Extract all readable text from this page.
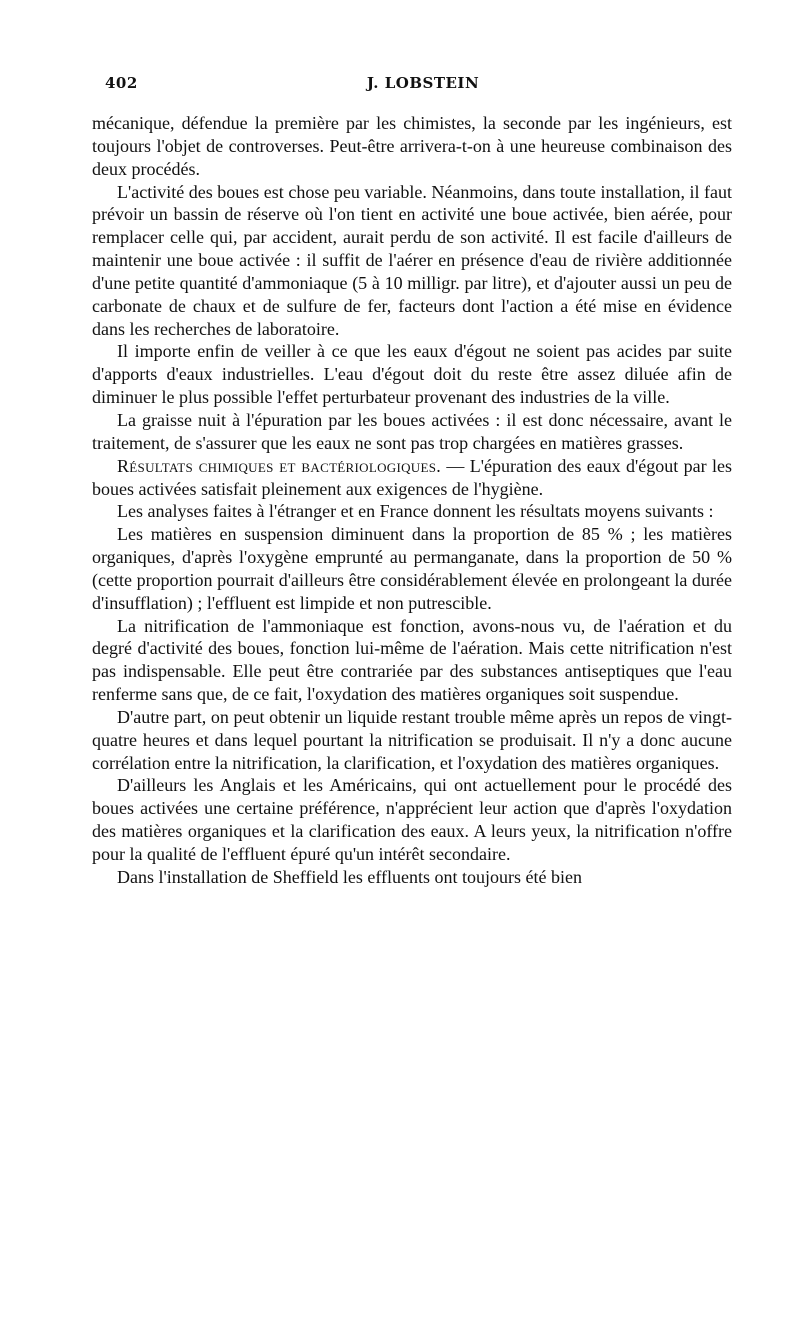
402	J. LOBSTEIN

mécanique, défendue la première par les chimistes, la seconde par les ingénieurs, est toujours l'objet de controverses. Peut-être arrivera-t-on à une heureuse combinaison des deux procédés.

L'activité des boues est chose peu variable. Néanmoins, dans toute installation, il faut prévoir un bassin de réserve où l'on tient en activité une boue activée, bien aérée, pour remplacer celle qui, par accident, aurait perdu de son activité. Il est facile d'ailleurs de maintenir une boue activée : il suffit de l'aérer en présence d'eau de rivière additionnée d'une petite quantité d'ammoniaque (5 à 10 milligr. par litre), et d'ajouter aussi un peu de carbonate de chaux et de sulfure de fer, facteurs dont l'action a été mise en évidence dans les recherches de laboratoire.

Il importe enfin de veiller à ce que les eaux d'égout ne soient pas acides par suite d'apports d'eaux industrielles. L'eau d'égout doit du reste être assez diluée afin de diminuer le plus possible l'effet perturbateur provenant des industries de la ville.

La graisse nuit à l'épuration par les boues activées : il est donc nécessaire, avant le traitement, de s'assurer que les eaux ne sont pas trop chargées en matières grasses.

Résultats chimiques et bactériologiques. — L'épuration des eaux d'égout par les boues activées satisfait pleinement aux exigences de l'hygiène.

Les analyses faites à l'étranger et en France donnent les résultats moyens suivants :

Les matières en suspension diminuent dans la proportion de 85 % ; les matières organiques, d'après l'oxygène emprunté au permanganate, dans la proportion de 50 % (cette proportion pourrait d'ailleurs être considérablement élevée en prolongeant la durée d'insufflation) ; l'effluent est limpide et non putrescible.

La nitrification de l'ammoniaque est fonction, avons-nous vu, de l'aération et du degré d'activité des boues, fonction lui-même de l'aération. Mais cette nitrification n'est pas indispensable. Elle peut être contrariée par des substances antiseptiques que l'eau renferme sans que, de ce fait, l'oxydation des matières organiques soit suspendue.

D'autre part, on peut obtenir un liquide restant trouble même après un repos de vingt-quatre heures et dans lequel pourtant la nitrification se produisait. Il n'y a donc aucune corrélation entre la nitrification, la clarification, et l'oxydation des matières organiques.

D'ailleurs les Anglais et les Américains, qui ont actuellement pour le procédé des boues activées une certaine préférence, n'apprécient leur action que d'après l'oxydation des matières organiques et la clarification des eaux. A leurs yeux, la nitrification n'offre pour la qualité de l'effluent épuré qu'un intérêt secondaire.

Dans l'installation de Sheffield les effluents ont toujours été bien
